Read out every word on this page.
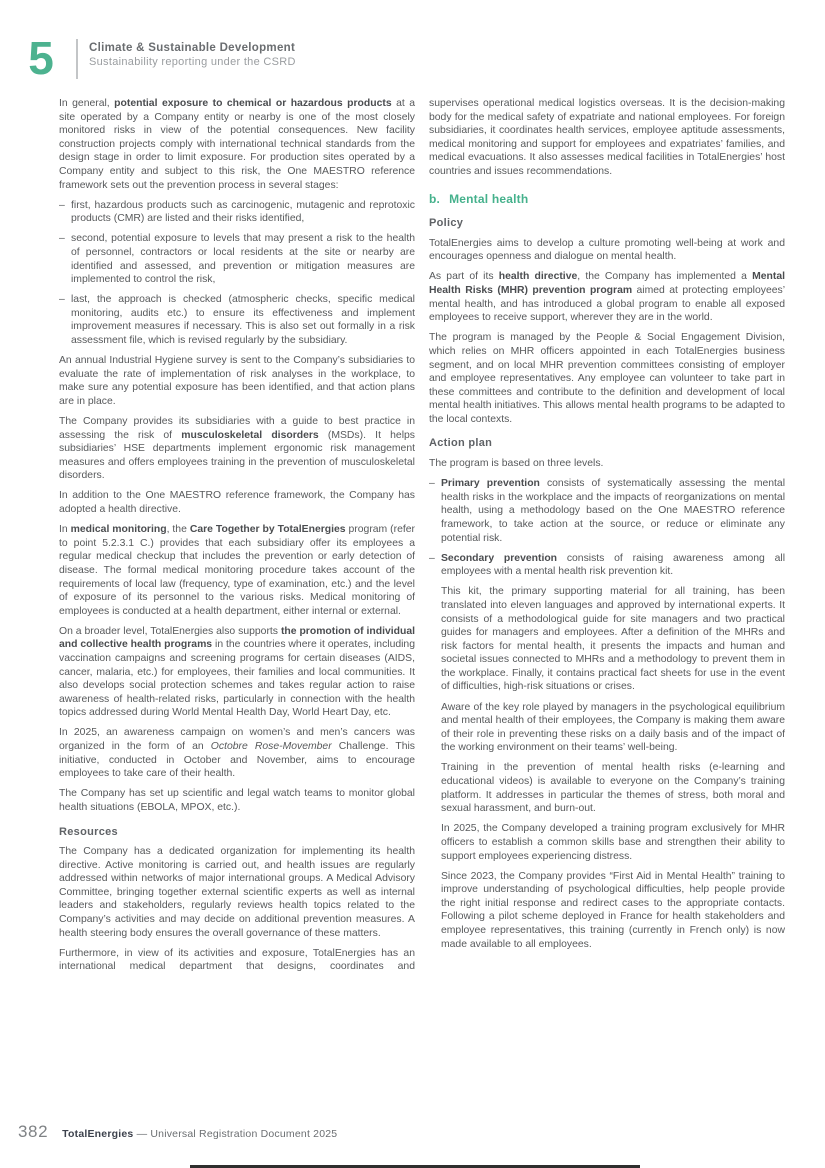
5	Climate & Sustainable Development
Sustainability reporting under the CSRD

In general, potential exposure to chemical or hazardous products at a site operated by a Company entity or nearby is one of the most closely monitored risks in view of the potential consequences. New facility construction projects comply with international technical standards from the design stage in order to limit exposure. For production sites operated by a Company entity and subject to this risk, the One MAESTRO reference framework sets out the prevention process in several stages:

– first, hazardous products such as carcinogenic, mutagenic and reprotoxic products (CMR) are listed and their risks identified,
– second, potential exposure to levels that may present a risk to the health of personnel, contractors or local residents at the site or nearby are identified and assessed, and prevention or mitigation measures are implemented to control the risk,
– last, the approach is checked (atmospheric checks, specific medical monitoring, audits etc.) to ensure its effectiveness and implement improvement measures if necessary. This is also set out formally in a risk assessment file, which is revised regularly by the subsidiary.

An annual Industrial Hygiene survey is sent to the Company’s subsidiaries to evaluate the rate of implementation of risk analyses in the workplace, to make sure any potential exposure has been identified, and that action plans are in place.

The Company provides its subsidiaries with a guide to best practice in assessing the risk of musculoskeletal disorders (MSDs). It helps subsidiaries’ HSE departments implement ergonomic risk management measures and offers employees training in the prevention of musculoskeletal disorders.

In addition to the One MAESTRO reference framework, the Company has adopted a health directive.

In medical monitoring, the Care Together by TotalEnergies program (refer to point 5.2.3.1 C.) provides that each subsidiary offer its employees a regular medical checkup that includes the prevention or early detection of disease. The formal medical monitoring procedure takes account of the requirements of local law (frequency, type of examination, etc.) and the level of exposure of its personnel to the various risks. Medical monitoring of employees is conducted at a health department, either internal or external.

On a broader level, TotalEnergies also supports the promotion of individual and collective health programs in the countries where it operates, including vaccination campaigns and screening programs for certain diseases (AIDS, cancer, malaria, etc.) for employees, their families and local communities. It also develops social protection schemes and takes regular action to raise awareness of health-related risks, particularly in connection with the health topics addressed during World Mental Health Day, World Heart Day, etc.

In 2025, an awareness campaign on women’s and men’s cancers was organized in the form of an Octobre Rose-Movember Challenge. This initiative, conducted in October and November, aims to encourage employees to take care of their health.

The Company has set up scientific and legal watch teams to monitor global health situations (EBOLA, MPOX, etc.).

Resources

The Company has a dedicated organization for implementing its health directive. Active monitoring is carried out, and health issues are regularly addressed within networks of major international groups. A Medical Advisory Committee, bringing together external scientific experts as well as internal leaders and stakeholders, regularly reviews health topics related to the Company’s activities and may decide on additional prevention measures. A health steering body ensures the overall governance of these matters.

Furthermore, in view of its activities and exposure, TotalEnergies has an international medical department that designs, coordinates and

supervises operational medical logistics overseas. It is the decision-making body for the medical safety of expatriate and national employees. For foreign subsidiaries, it coordinates health services, employee aptitude assessments, medical monitoring and support for employees and expatriates’ families, and medical evacuations. It also assesses medical facilities in TotalEnergies’ host countries and issues recommendations.

b. Mental health
Policy

TotalEnergies aims to develop a culture promoting well-being at work and encourages openness and dialogue on mental health.

As part of its health directive, the Company has implemented a Mental Health Risks (MHR) prevention program aimed at protecting employees’ mental health, and has introduced a global program to enable all exposed employees to receive support, wherever they are in the world.

The program is managed by the People & Social Engagement Division, which relies on MHR officers appointed in each TotalEnergies business segment, and on local MHR prevention committees consisting of employer and employee representatives. Any employee can volunteer to take part in these committees and contribute to the definition and development of local mental health initiatives. This allows mental health programs to be adapted to the local contexts.

Action plan

The program is based on three levels.

– Primary prevention consists of systematically assessing the mental health risks in the workplace and the impacts of reorganizations on mental health, using a methodology based on the One MAESTRO reference framework, to take action at the source, or reduce or eliminate any potential risk.
– Secondary prevention consists of raising awareness among all employees with a mental health risk prevention kit.

This kit, the primary supporting material for all training, has been translated into eleven languages and approved by international experts. It consists of a methodological guide for site managers and two practical guides for managers and employees. After a definition of the MHRs and risk factors for mental health, it presents the impacts and human and societal issues connected to MHRs and a methodology to prevent them in the workplace. Finally, it contains practical fact sheets for use in the event of difficulties, high-risk situations or crises.

Aware of the key role played by managers in the psychological equilibrium and mental health of their employees, the Company is making them aware of their role in preventing these risks on a daily basis and of the impact of the working environment on their teams’ well-being.

Training in the prevention of mental health risks (e-learning and educational videos) is available to everyone on the Company’s training platform. It addresses in particular the themes of stress, both moral and sexual harassment, and burn-out.

In 2025, the Company developed a training program exclusively for MHR officers to establish a common skills base and strengthen their ability to support employees experiencing distress.

Since 2023, the Company provides “First Aid in Mental Health” training to improve understanding of psychological difficulties, help people provide the right initial response and redirect cases to the appropriate contacts. Following a pilot scheme deployed in France for health stakeholders and employee representatives, this training (currently in French only) is now made available to all employees.

382 TotalEnergies — Universal Registration Document 2025
